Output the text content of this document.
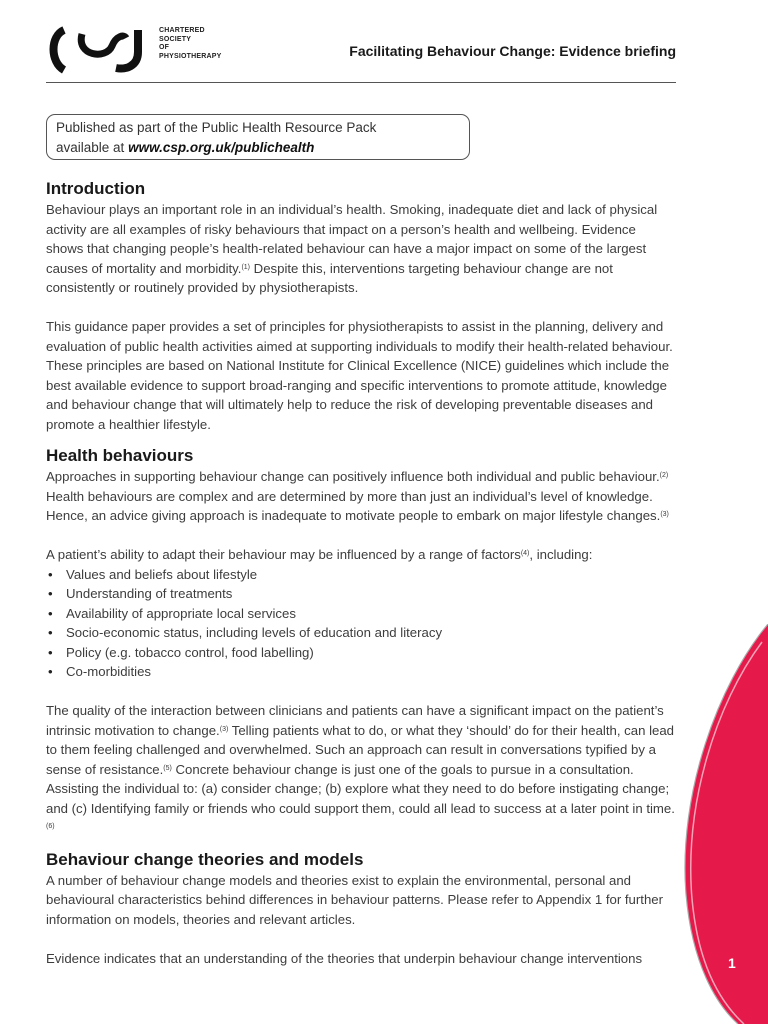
CHARTERED
SOCIETY
OF
PHYSIOTHERAPY	Facilitating Behaviour Change: Evidence briefing
Published as part of the Public Health Resource Pack
available at www.csp.org.uk/publichealth
Introduction

Behaviour plays an important role in an individual’s health. Smoking, inadequate diet and lack of physical activity are all examples of risky behaviours that impact on a person’s health and wellbeing. Evidence shows that changing people’s health-related behaviour can have a major impact on some of the largest causes of mortality and morbidity.$^{(1)}$ Despite this, interventions targeting behaviour change are not consistently or routinely provided by physiotherapists.

This guidance paper provides a set of principles for physiotherapists to assist in the planning, delivery and evaluation of public health activities aimed at supporting individuals to modify their health-related behaviour. These principles are based on National Institute for Clinical Excellence (NICE) guidelines which include the best available evidence to support broad-ranging and specific interventions to promote attitude, knowledge and behaviour change that will ultimately help to reduce the risk of developing preventable diseases and promote a healthier lifestyle.

Health behaviours

Approaches in supporting behaviour change can positively influence both individual and public behaviour.$^{(2)}$ Health behaviours are complex and are determined by more than just an individual’s level of knowledge. Hence, an advice giving approach is inadequate to motivate people to embark on major lifestyle changes.$^{(3)}$

A patient’s ability to adapt their behaviour may be influenced by a range of factors$^{(4)}$, including:

• Values and beliefs about lifestyle
• Understanding of treatments
• Availability of appropriate local services
• Socio-economic status, including levels of education and literacy
• Policy (e.g. tobacco control, food labelling)
• Co-morbidities

The quality of the interaction between clinicians and patients can have a significant impact on the patient’s intrinsic motivation to change.$^{(3)}$ Telling patients what to do, or what they ‘should’ do for their health, can lead to them feeling challenged and overwhelmed. Such an approach can result in conversations typified by a sense of resistance.$^{(5)}$ Concrete behaviour change is just one of the goals to pursue in a consultation. Assisting the individual to: (a) consider change; (b) explore what they need to do before instigating change; and (c) Identifying family or friends who could support them, could all lead to success at a later point in time.$^{(6)}$

Behaviour change theories and models

A number of behaviour change models and theories exist to explain the environmental, personal and behavioural characteristics behind differences in behaviour patterns. Please refer to Appendix 1 for further information on models, theories and relevant articles.

Evidence indicates that an understanding of the theories that underpin behaviour change interventions	1
